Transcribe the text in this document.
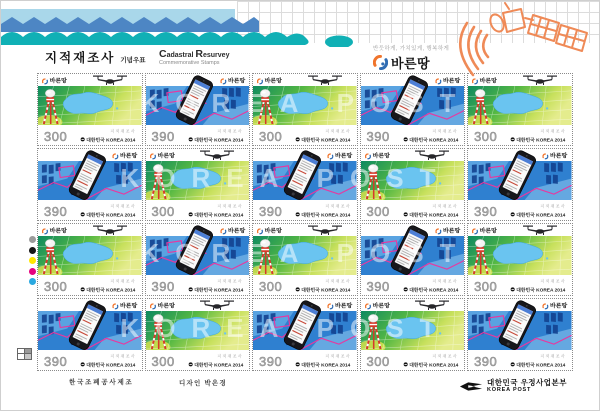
지적재조사 기념우표
Cadastral Resurvey
Commemorative Stamps
반듯하게, 가치있게, 행복하게
바른땅
KOREA POST
KOREA POST
KOREA POST
KOREA POST
바른땅
300	지적재조사
대한민국 KOREA 2014
바른땅
390	지적재조사
대한민국 KOREA 2014
바른땅
300	지적재조사
대한민국 KOREA 2014
바른땅
390	지적재조사
대한민국 KOREA 2014
바른땅
300	지적재조사
대한민국 KOREA 2014
바른땅
390	지적재조사
대한민국 KOREA 2014
바른땅
300	지적재조사
대한민국 KOREA 2014
바른땅
390	지적재조사
대한민국 KOREA 2014
바른땅
300	지적재조사
대한민국 KOREA 2014
바른땅
390	지적재조사
대한민국 KOREA 2014
바른땅
300	지적재조사
대한민국 KOREA 2014
바른땅
390	지적재조사
대한민국 KOREA 2014
바른땅
300	지적재조사
대한민국 KOREA 2014
바른땅
390	지적재조사
대한민국 KOREA 2014
바른땅
300	지적재조사
대한민국 KOREA 2014
바른땅
390	지적재조사
대한민국 KOREA 2014
바른땅
300	지적재조사
대한민국 KOREA 2014
바른땅
390	지적재조사
대한민국 KOREA 2014
바른땅
300	지적재조사
대한민국 KOREA 2014
바른땅
390	지적재조사
대한민국 KOREA 2014
한국조폐공사제조	디자인 박은경	대한민국 우정사업본부
KOREA POST
